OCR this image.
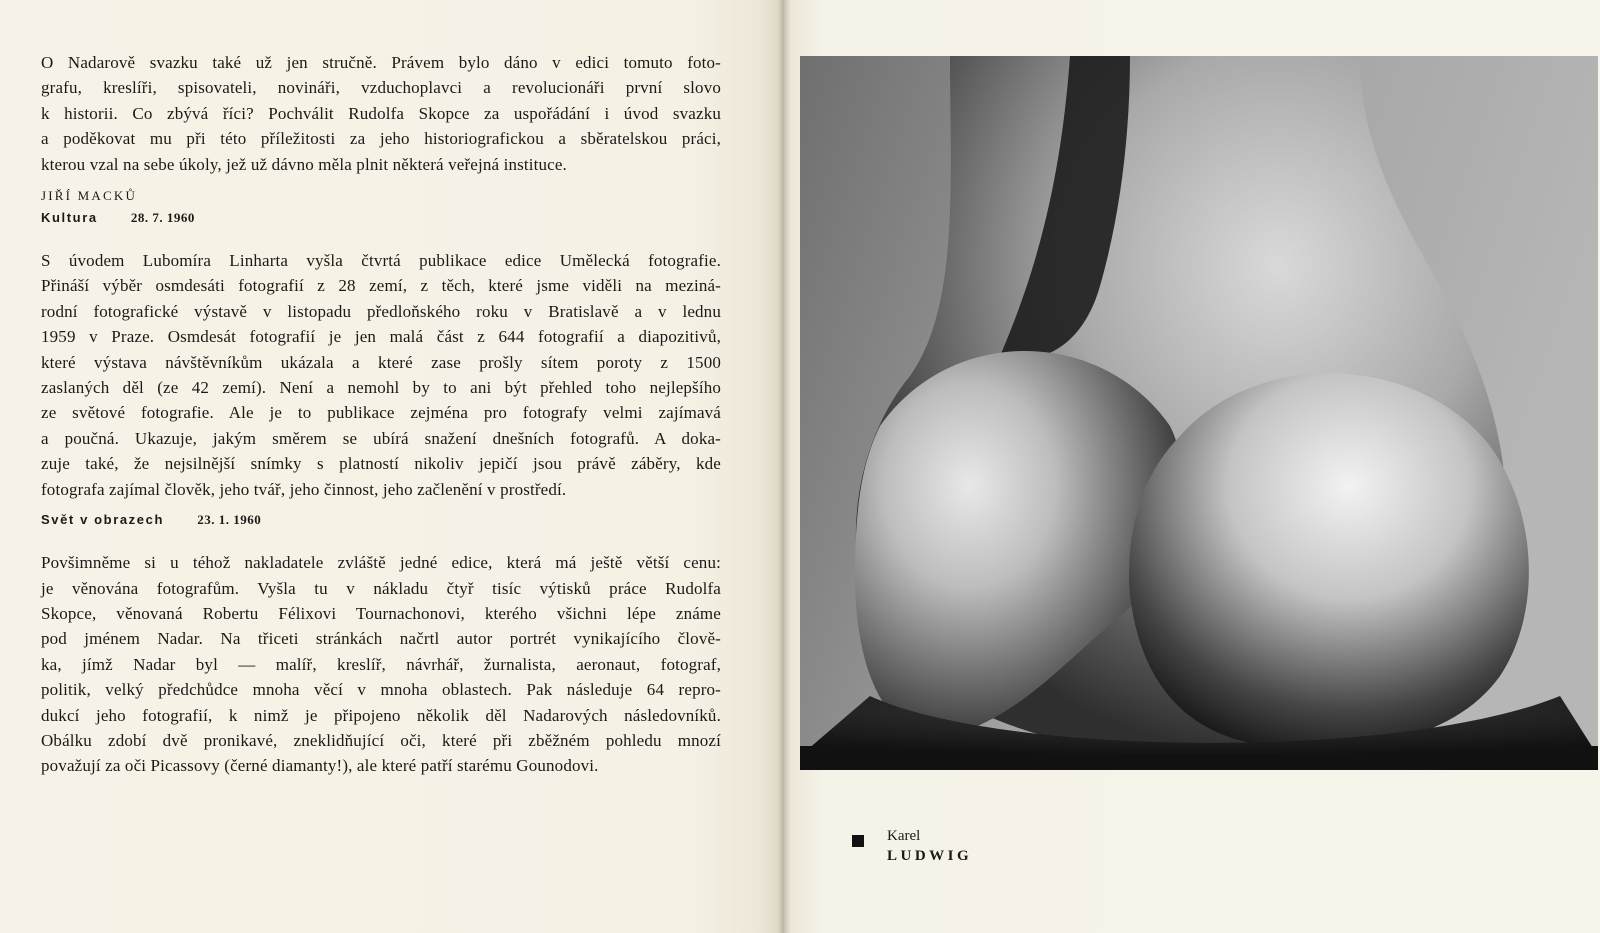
O Nadarově svazku také už jen stručně. Právem bylo dáno v edici tomuto foto-
grafu, kreslíři, spisovateli, novináři, vzduchoplavci a revolucionáři první slovo
k historii. Co zbývá říci? Pochválit Rudolfa Skopce za uspořádání i úvod svazku
a poděkovat mu při této příležitosti za jeho historiografickou a sběratelskou práci,
kterou vzal na sebe úkoly, jež už dávno měla plnit některá veřejná instituce.

JIŘÍ MACKŮ
Kultura	28. 7. 1960

S úvodem Lubomíra Linharta vyšla čtvrtá publikace edice Umělecká fotografie.
Přináší výběr osmdesáti fotografií z 28 zemí, z těch, které jsme viděli na meziná-
rodní fotografické výstavě v listopadu předloňského roku v Bratislavě a v lednu
1959 v Praze. Osmdesát fotografií je jen malá část z 644 fotografií a diapozitivů,
které výstava návštěvníkům ukázala a které zase prošly sítem poroty z 1500
zaslaných děl (ze 42 zemí). Není a nemohl by to ani být přehled toho nejlepšího
ze světové fotografie. Ale je to publikace zejména pro fotografy velmi zajímavá
a poučná. Ukazuje, jakým směrem se ubírá snažení dnešních fotografů. A doka-
zuje také, že nejsilnější snímky s platností nikoliv jepičí jsou právě záběry, kde
fotografa zajímal člověk, jeho tvář, jeho činnost, jeho začlenění v prostředí.

Svět v obrazech	23. 1. 1960

Povšimněme si u téhož nakladatele zvláště jedné edice, která má ještě větší cenu:
je věnována fotografům. Vyšla tu v nákladu čtyř tisíc výtisků práce Rudolfa
Skopce, věnovaná Robertu Félixovi Tournachonovi, kterého všichni lépe známe
pod jménem Nadar. Na třiceti stránkách načrtl autor portrét vynikajícího člově-
ka, jímž Nadar byl — malíř, kreslíř, návrhář, žurnalista, aeronaut, fotograf,
politik, velký předchůdce mnoha věcí v mnoha oblastech. Pak následuje 64 repro-
dukcí jeho fotografií, k nimž je připojeno několik děl Nadarových následovníků.
Obálku zdobí dvě pronikavé, zneklidňující oči, které při zběžném pohledu mnozí
považují za oči Picassovy (černé diamanty!), ale které patří starému Gounodovi.

Karel
LUDWIG
